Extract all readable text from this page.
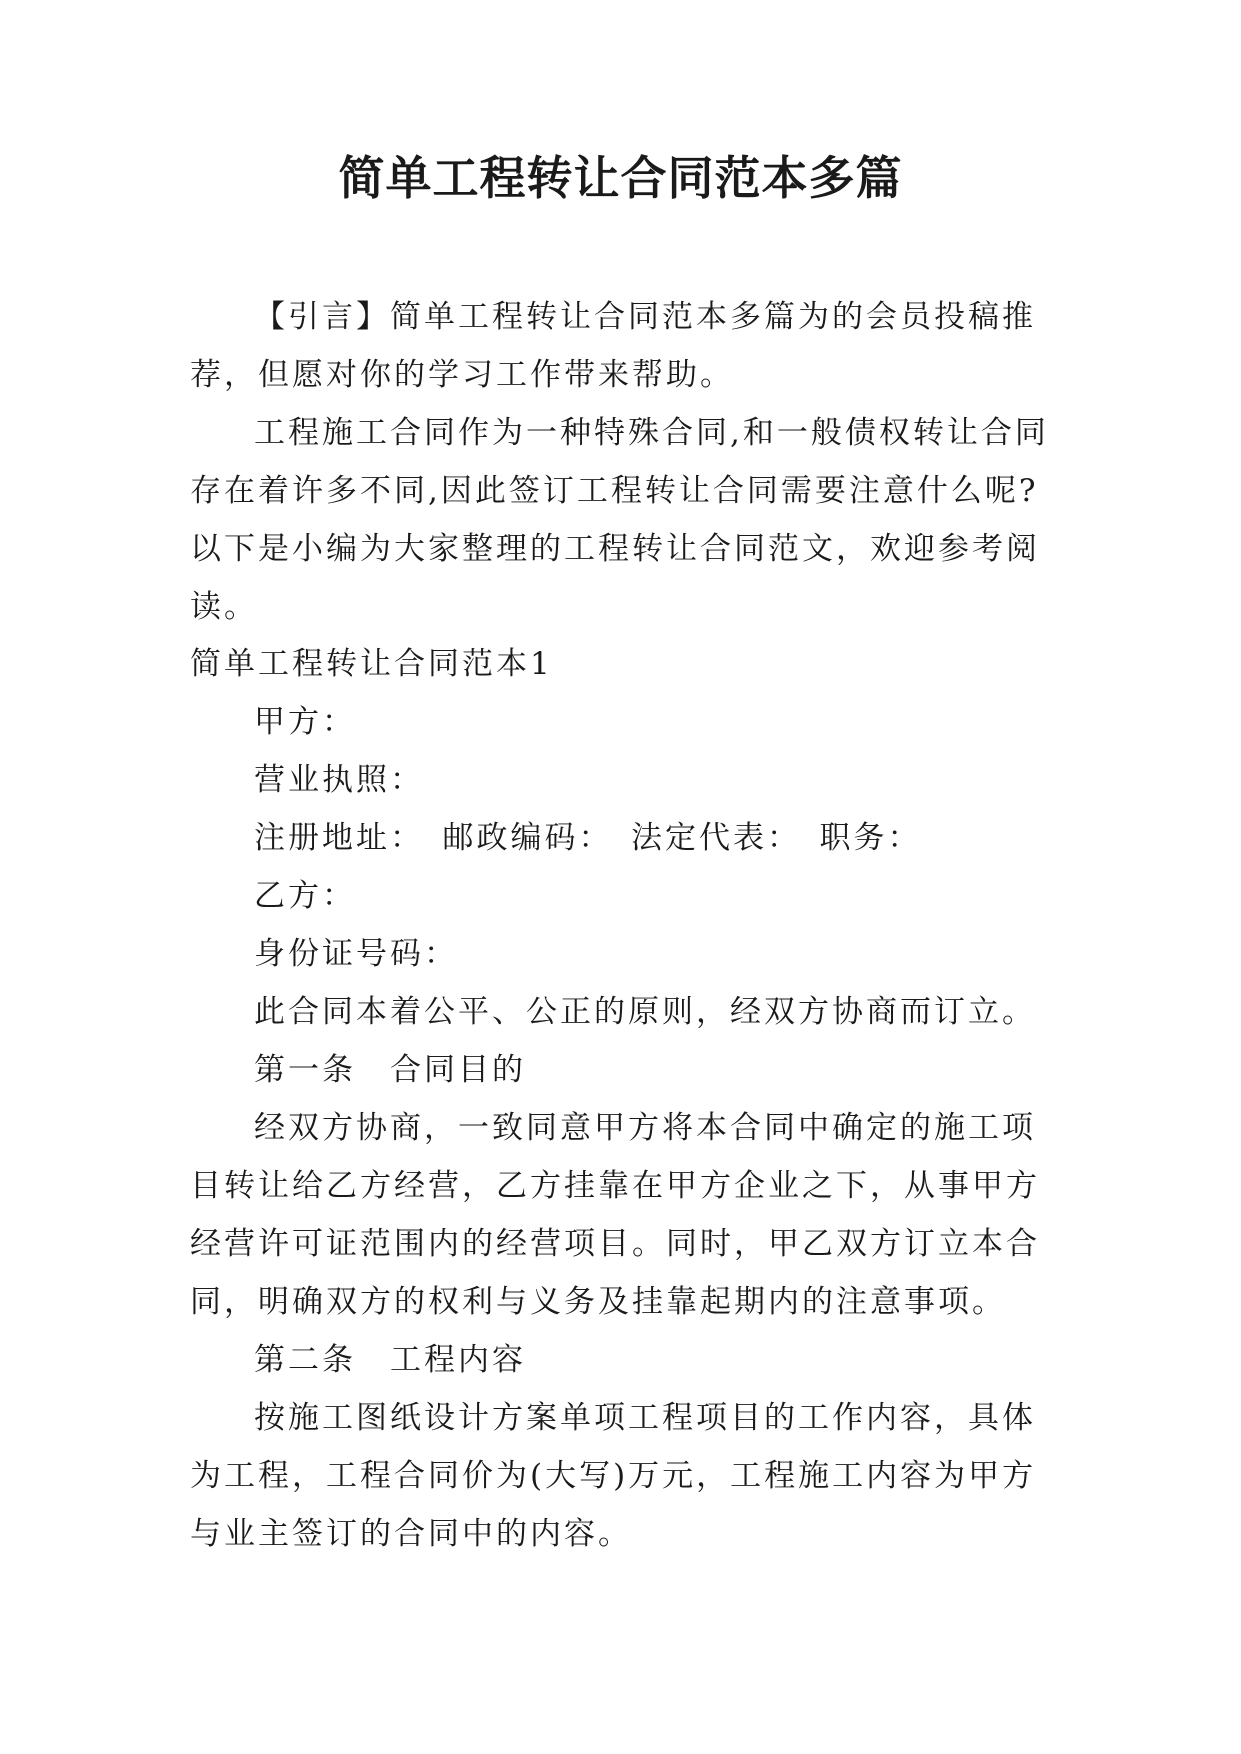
简单工程转让合同范本多篇

【引言】简单工程转让合同范本多篇为的会员投稿推荐，但愿对你的学习工作带来帮助。

工程施工合同作为一种特殊合同,和一般债权转让合同存在着许多不同,因此签订工程转让合同需要注意什么呢?以下是小编为大家整理的工程转让合同范文，欢迎参考阅读。

简单工程转让合同范本1

甲方：

营业执照：

注册地址：　邮政编码：　法定代表：　职务：

乙方：

身份证号码：

此合同本着公平、公正的原则，经双方协商而订立。

第一条　合同目的

经双方协商，一致同意甲方将本合同中确定的施工项目转让给乙方经营，乙方挂靠在甲方企业之下，从事甲方经营许可证范围内的经营项目。同时，甲乙双方订立本合同，明确双方的权利与义务及挂靠起期内的注意事项。

第二条　工程内容

按施工图纸设计方案单项工程项目的工作内容，具体为工程，工程合同价为(大写)万元，工程施工内容为甲方与业主签订的合同中的内容。
